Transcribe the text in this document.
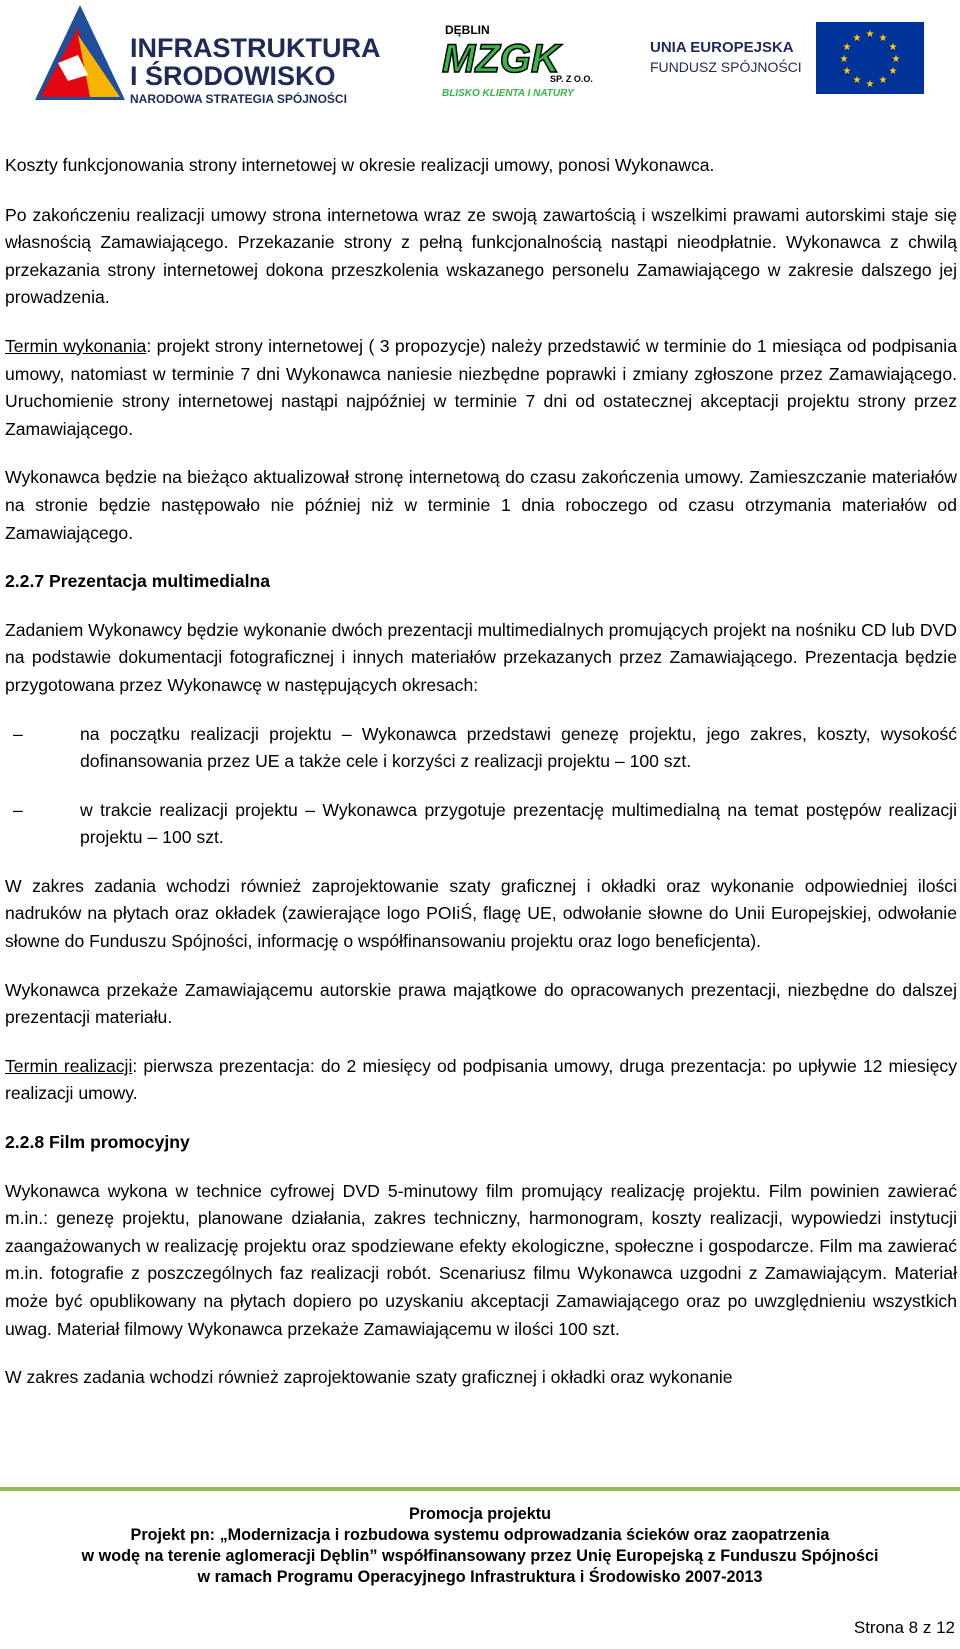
INFRASTRUKTURA
I ŚRODOWISKO
NARODOWA STRATEGIA SPÓJNOŚCI
DĘBLIN
MZGK
SP. Z O.O.
BLISKO KLIENTA I NATURY
UNIA EUROPEJSKA
FUNDUSZ SPÓJNOŚCI
★ ★
★
★
★
★
★
★
★
★
★
★

Koszty funkcjonowania strony internetowej w okresie realizacji umowy, ponosi Wykonawca.

Po zakończeniu realizacji umowy strona internetowa wraz ze swoją zawartością i wszelkimi prawami autorskimi staje się własnością Zamawiającego. Przekazanie strony z pełną funkcjonalnością nastąpi nieodpłatnie. Wykonawca z chwilą przekazania strony internetowej dokona przeszkolenia wskazanego personelu Zamawiającego w zakresie dalszego jej prowadzenia.

Termin wykonania: projekt strony internetowej ( 3 propozycje) należy przedstawić w terminie do 1 miesiąca od podpisania umowy, natomiast w terminie 7 dni Wykonawca naniesie niezbędne poprawki i zmiany zgłoszone przez Zamawiającego. Uruchomienie strony internetowej nastąpi najpóźniej w terminie 7 dni od ostatecznej akceptacji projektu strony przez Zamawiającego.

Wykonawca będzie na bieżąco aktualizował stronę internetową do czasu zakończenia umowy. Zamieszczanie materiałów na stronie będzie następowało nie później niż w terminie 1 dnia roboczego od czasu otrzymania materiałów od Zamawiającego.

2.2.7 Prezentacja multimedialna

Zadaniem Wykonawcy będzie wykonanie dwóch prezentacji multimedialnych promujących projekt na nośniku CD lub DVD na podstawie dokumentacji fotograficznej i innych materiałów przekazanych przez Zamawiającego. Prezentacja będzie przygotowana przez Wykonawcę w następujących okresach:

–	na początku realizacji projektu – Wykonawca przedstawi genezę projektu, jego zakres, koszty, wysokość dofinansowania przez UE a także cele i korzyści z realizacji projektu – 100 szt.
–	w trakcie realizacji projektu – Wykonawca przygotuje prezentację multimedialną na temat postępów realizacji projektu – 100 szt.

W zakres zadania wchodzi również zaprojektowanie szaty graficznej i okładki oraz wykonanie odpowiedniej ilości nadruków na płytach oraz okładek (zawierające logo POIiŚ, flagę UE, odwołanie słowne do Unii Europejskiej, odwołanie słowne do Funduszu Spójności, informację o współfinansowaniu projektu oraz logo beneficjenta).

Wykonawca przekaże Zamawiającemu autorskie prawa majątkowe do opracowanych prezentacji, niezbędne do dalszej prezentacji materiału.

Termin realizacji: pierwsza prezentacja: do 2 miesięcy od podpisania umowy, druga prezentacja: po upływie 12 miesięcy realizacji umowy.

2.2.8 Film promocyjny

Wykonawca wykona w technice cyfrowej DVD 5-minutowy film promujący realizację projektu. Film powinien zawierać m.in.: genezę projektu, planowane działania, zakres techniczny, harmonogram, koszty realizacji, wypowiedzi instytucji zaangażowanych w realizację projektu oraz spodziewane efekty ekologiczne, społeczne i gospodarcze. Film ma zawierać m.in. fotografie z poszczególnych faz realizacji robót. Scenariusz filmu Wykonawca uzgodni z Zamawiającym. Materiał może być opublikowany na płytach dopiero po uzyskaniu akceptacji Zamawiającego oraz po uwzględnieniu wszystkich uwag. Materiał filmowy Wykonawca przekaże Zamawiającemu w ilości 100 szt.

W zakres zadania wchodzi również zaprojektowanie szaty graficznej i okładki oraz wykonanie

Promocja projektu
Projekt pn: „Modernizacja i rozbudowa systemu odprowadzania ścieków oraz zaopatrzenia
w wodę na terenie aglomeracji Dęblin” współfinansowany przez Unię Europejską z Funduszu Spójności
w ramach Programu Operacyjnego Infrastruktura i Środowisko 2007-2013
Strona 8 z 12
